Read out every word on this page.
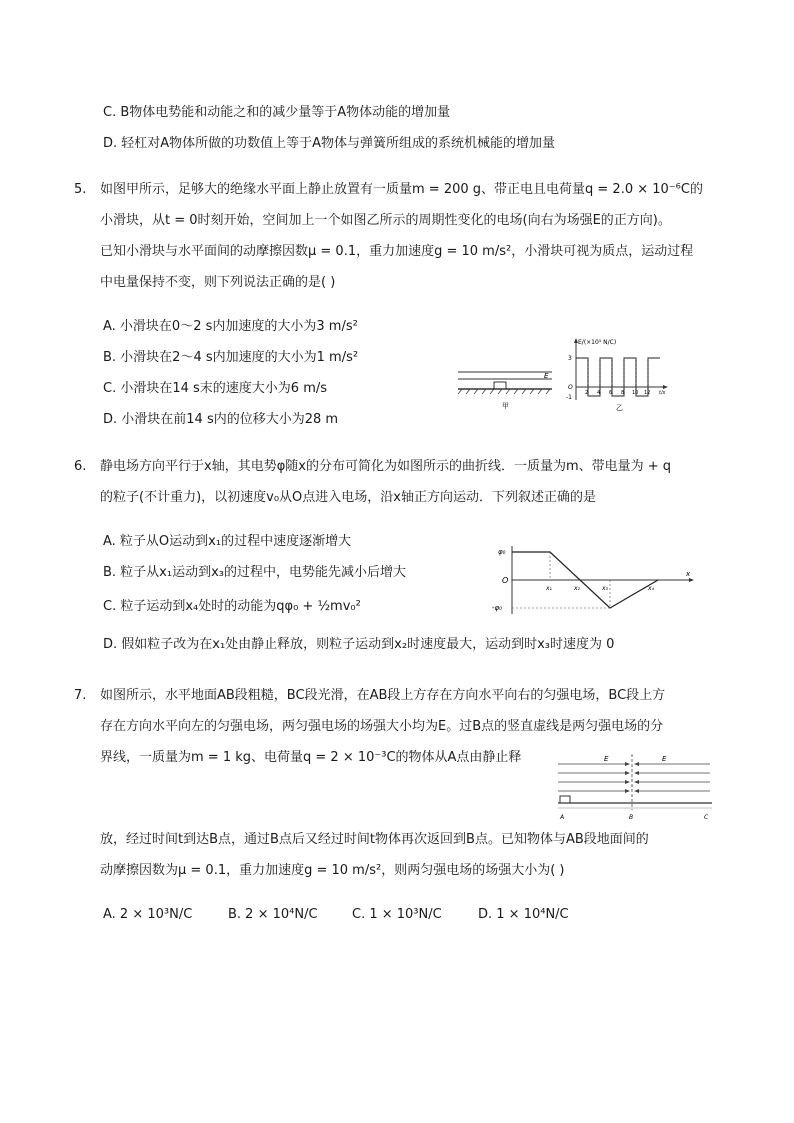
C. B物体电势能和动能之和的减少量等于A物体动能的增加量
D. 轻杠对A物体所做的功数值上等于A物体与弹簧所组成的系统机械能的增加量
5. 如图甲所示，足够大的绝缘水平面上静止放置有一质量m = 200 g、带正电且电荷量q = 2.0 × 10⁻⁶C的
小滑块，从t = 0时刻开始，空间加上一个如图乙所示的周期性变化的电场(向右为场强E的正方向)。
已知小滑块与水平面间的动摩擦因数μ = 0.1，重力加速度g = 10 m/s²，小滑块可视为质点，运动过程
中电量保持不变，则下列说法正确的是( )
A. 小滑块在0～2 s内加速度的大小为3 m/s²
B. 小滑块在2～4 s内加速度的大小为1 m/s²
C. 小滑块在14 s末的速度大小为6 m/s
D. 小滑块在前14 s内的位移大小为28 m
E
甲
E/(×10⁵ N/C)
3
O
-1
2 4 6 8 10 12 t/s
乙
6. 静电场方向平行于x轴，其电势φ随x的分布可简化为如图所示的曲折线．一质量为m、带电量为 + q
的粒子(不计重力)，以初速度v₀从O点进入电场，沿x轴正方向运动．下列叙述正确的是
A. 粒子从O运动到x₁的过程中速度逐渐增大
B. 粒子从x₁运动到x₃的过程中，电势能先减小后增大
C. 粒子运动到x₄处时的动能为qφ₀ + ½mv₀²
D. 假如粒子改为在x₁处由静止释放，则粒子运动到x₂时速度最大，运动到时x₃时速度为 0
φ₀
O
-φ₀
x
x₁	x₂	x₃	x₄
7. 如图所示，水平地面AB段粗糙，BC段光滑，在AB段上方存在方向水平向右的匀强电场，BC段上方
存在方向水平向左的匀强电场，两匀强电场的场强大小均为E。过B点的竖直虚线是两匀强电场的分
界线，一质量为m = 1 kg、电荷量q = 2 × 10⁻³C的物体从A点由静止释
放，经过时间t到达B点，通过B点后又经过时间t物体再次返回到B点。已知物体与AB段地面间的
动摩擦因数为μ = 0.1，重力加速度g = 10 m/s²，则两匀强电场的场强大小为( )
A. 2 × 10³N/C	B. 2 × 10⁴N/C	C. 1 × 10³N/C	D. 1 × 10⁴N/C
E	E
A	B	C
